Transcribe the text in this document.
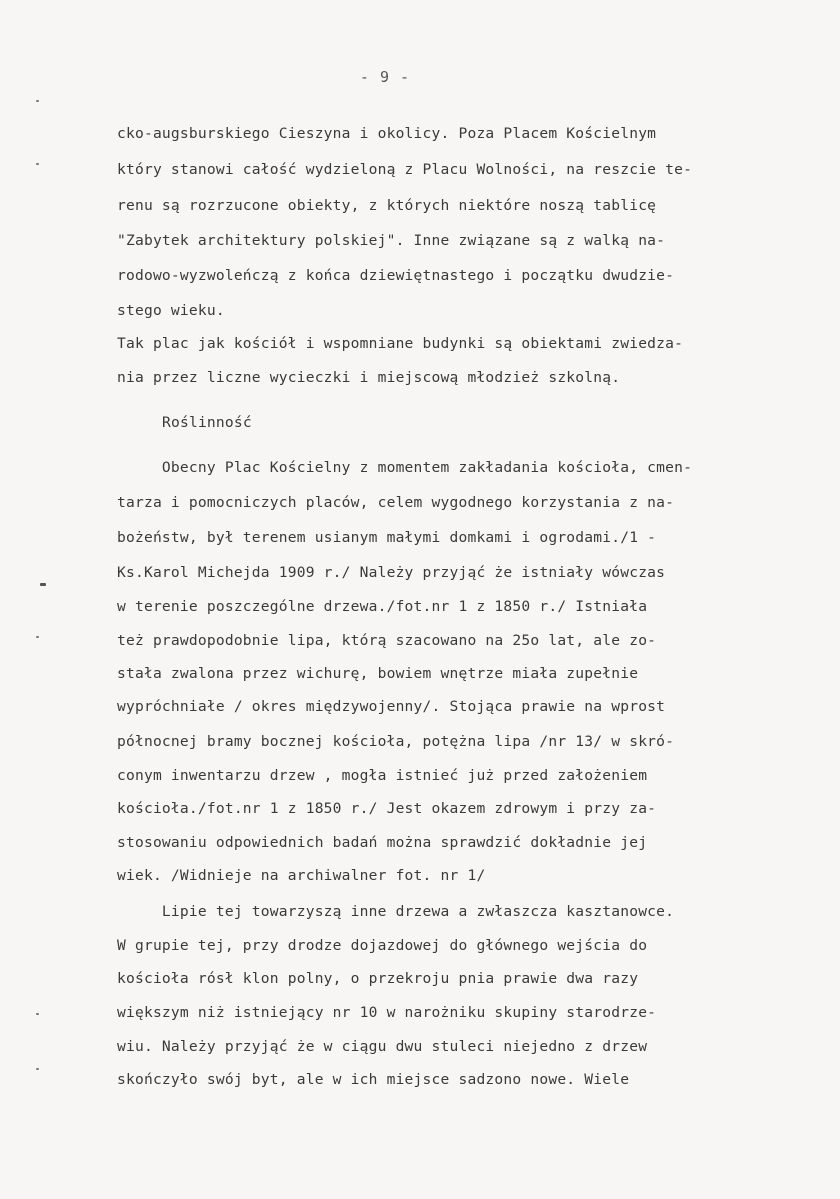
- 9 -
cko-augsburskiego Cieszyna i okolicy. Poza Placem Kościelnym
który stanowi całość wydzieloną z Placu Wolności, na reszcie te-
renu są rozrzucone obiekty, z których niektóre noszą tablicę
"Zabytek architektury polskiej". Inne związane są z walką na-
rodowo-wyzwoleńczą z końca dziewiętnastego i początku dwudzie-
stego wieku.
Tak plac jak kościół i wspomniane budynki są obiektami zwiedza-
nia przez liczne wycieczki i miejscową młodzież szkolną.
Roślinność
Obecny Plac Kościelny z momentem zakładania kościoła, cmen-
tarza i pomocniczych placów, celem wygodnego korzystania z na-
bożeństw, był terenem usianym małymi domkami i ogrodami./1 -
Ks.Karol Michejda 1909 r./ Należy przyjąć że istniały wówczas
w terenie poszczególne drzewa./fot.nr 1 z 1850 r./ Istniała
też prawdopodobnie lipa, którą szacowano na 25o lat, ale zo-
stała zwalona przez wichurę, bowiem wnętrze miała zupełnie
wypróchniałe / okres międzywojenny/. Stojąca prawie na wprost
północnej bramy bocznej kościoła, potężna lipa /nr 13/ w skró-
conym inwentarzu drzew , mogła istnieć już przed założeniem
kościoła./fot.nr 1 z 1850 r./ Jest okazem zdrowym i przy za-
stosowaniu odpowiednich badań można sprawdzić dokładnie jej
wiek. /Widnieje na archiwalner fot. nr 1/
Lipie tej towarzyszą inne drzewa a zwłaszcza kasztanowce.
W grupie tej, przy drodze dojazdowej do głównego wejścia do
kościoła rósł klon polny, o przekroju pnia prawie dwa razy
większym niż istniejący nr 10 w narożniku skupiny starodrze-
wiu. Należy przyjąć że w ciągu dwu stuleci niejedno z drzew
skończyło swój byt, ale w ich miejsce sadzono nowe. Wiele
